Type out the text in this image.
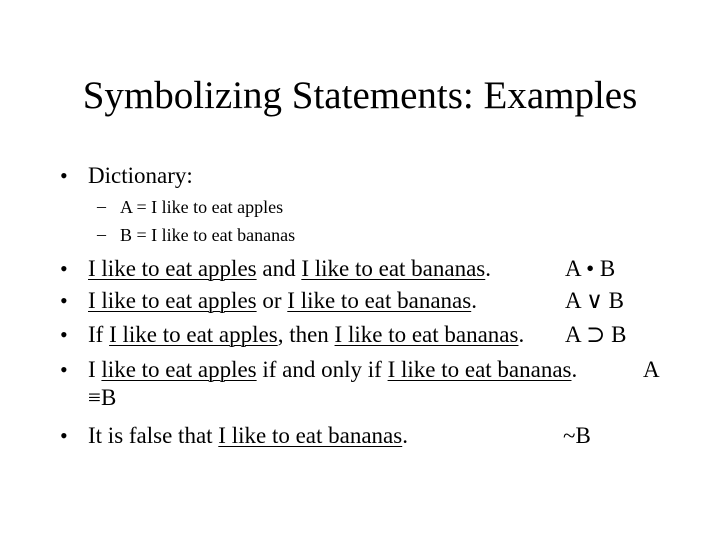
Symbolizing Statements: Examples
• Dictionary:
– A = I like to eat apples
– B = I like to eat bananas
• I like to eat apples and I like to eat bananas.	A • B
• I like to eat apples or I like to eat bananas.	A ∨ B
• If I like to eat apples, then I like to eat bananas. A ⊃ B
• I like to eat apples if and only if I like to eat bananas.	A
≡B
• It is false that I like to eat bananas.	~B
